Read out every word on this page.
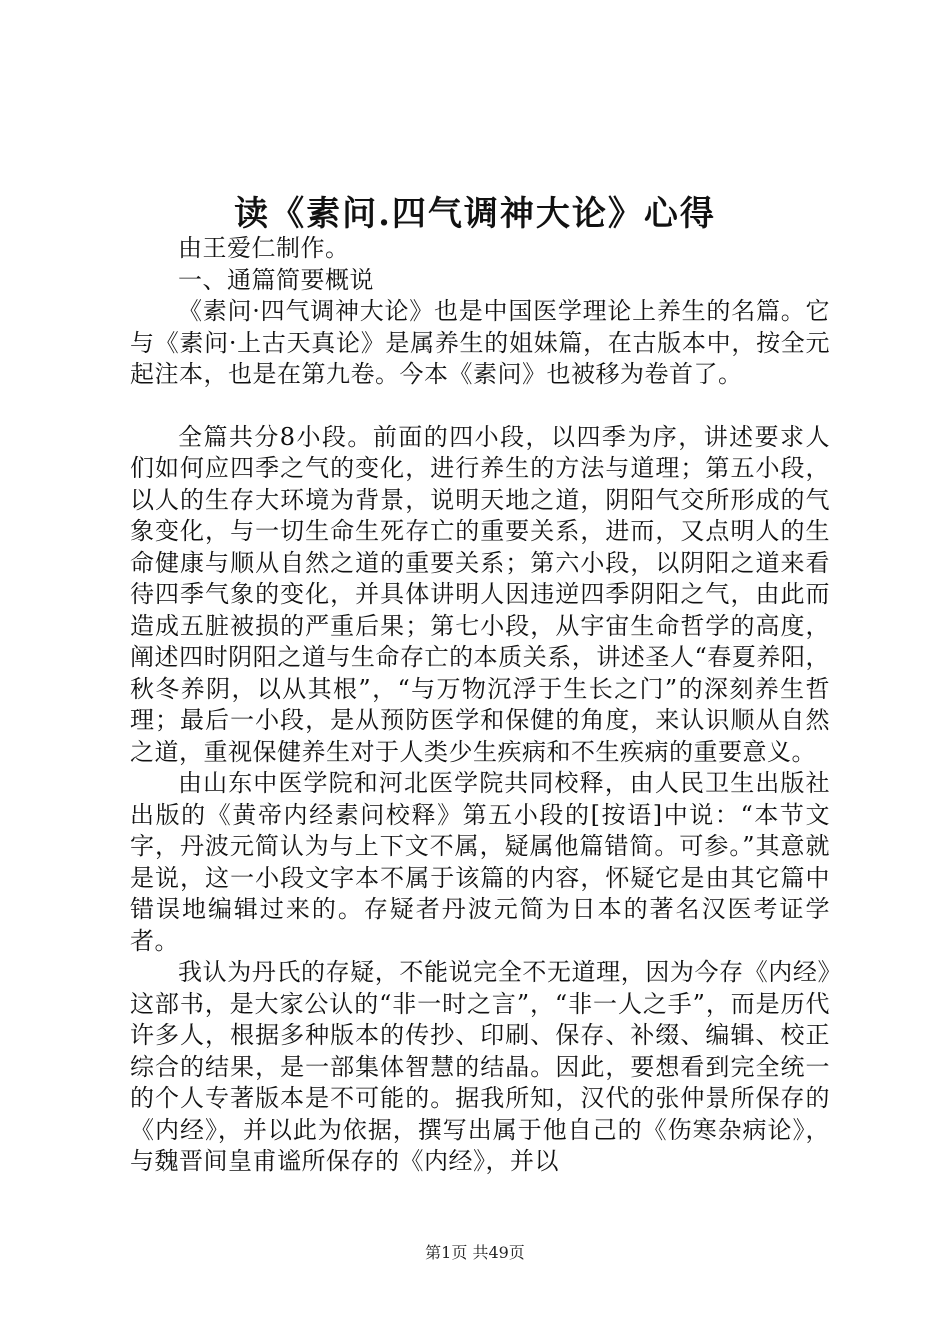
读《素问.四气调神大论》心得

由王爱仁制作。

一、通篇简要概说

《素问·四气调神大论》也是中国医学理论上养生的名篇。它与《素问·上古天真论》是属养生的姐妹篇，在古版本中，按全元起注本，也是在第九卷。今本《素问》也被移为卷首了。

全篇共分8小段。前面的四小段，以四季为序，讲述要求人们如何应四季之气的变化，进行养生的方法与道理；第五小段，以人的生存大环境为背景，说明天地之道，阴阳气交所形成的气象变化，与一切生命生死存亡的重要关系，进而，又点明人的生命健康与顺从自然之道的重要关系；第六小段，以阴阳之道来看待四季气象的变化，并具体讲明人因违逆四季阴阳之气，由此而造成五脏被损的严重后果；第七小段，从宇宙生命哲学的高度，阐述四时阴阳之道与生命存亡的本质关系，讲述圣人“春夏养阳，秋冬养阴，以从其根”，“与万物沉浮于生长之门”的深刻养生哲理；最后一小段，是从预防医学和保健的角度，来认识顺从自然之道，重视保健养生对于人类少生疾病和不生疾病的重要意义。

由山东中医学院和河北医学院共同校释，由人民卫生出版社出版的《黄帝内经素问校释》第五小段的[按语]中说：“本节文字，丹波元简认为与上下文不属，疑属他篇错简。可参。”其意就是说，这一小段文字本不属于该篇的内容，怀疑它是由其它篇中错误地编辑过来的。存疑者丹波元简为日本的著名汉医考证学者。

我认为丹氏的存疑，不能说完全不无道理，因为今存《内经》这部书，是大家公认的“非一时之言”，“非一人之手”，而是历代许多人，根据多种版本的传抄、印刷、保存、补缀、编辑、校正综合的结果，是一部集体智慧的结晶。因此，要想看到完全统一的个人专著版本是不可能的。据我所知，汉代的张仲景所保存的《内经》，并以此为依据，撰写出属于他自己的《伤寒杂病论》，与魏晋间皇甫谧所保存的《内经》，并以

第1页 共49页
